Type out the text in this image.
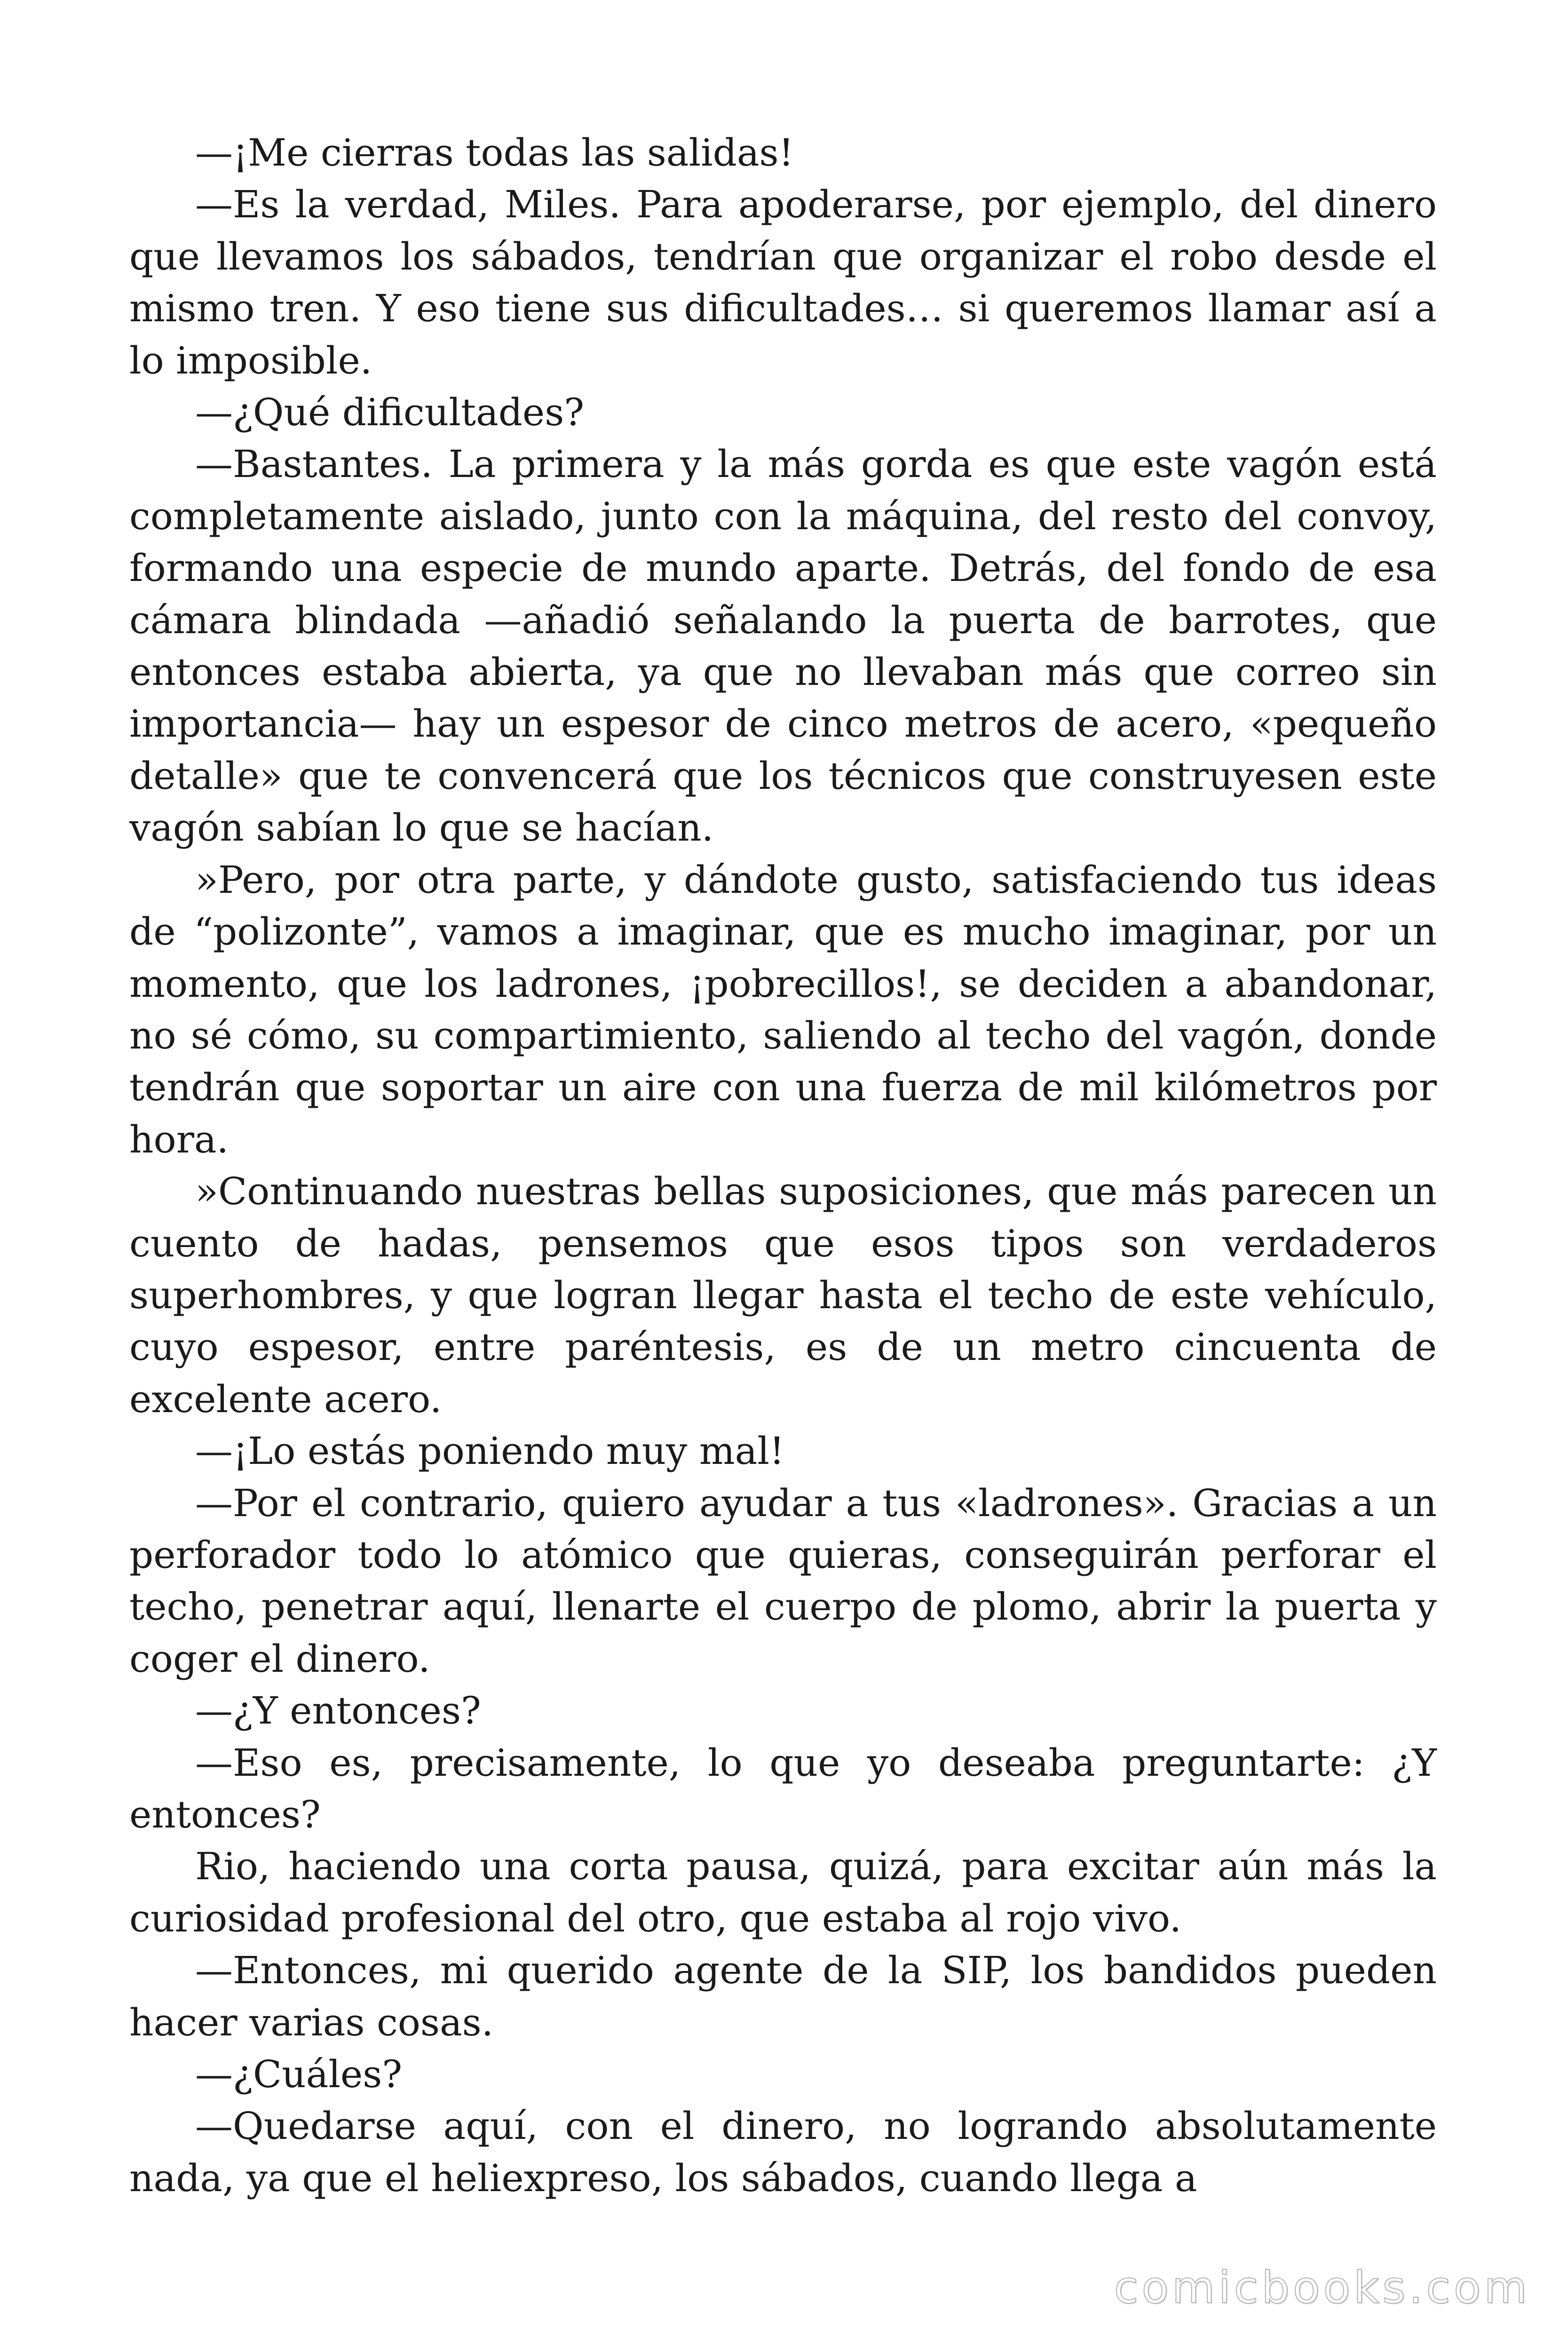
—¡Me cierras todas las salidas!

—Es la verdad, Miles. Para apoderarse, por ejemplo, del dinero que llevamos los sábados, tendrían que organizar el robo desde el mismo tren. Y eso tiene sus dificultades… si queremos llamar así a lo imposible.

—¿Qué dificultades?

—Bastantes. La primera y la más gorda es que este vagón está completamente aislado, junto con la máquina, del resto del convoy, formando una especie de mundo aparte. Detrás, del fondo de esa cámara blindada —añadió señalando la puerta de barrotes, que entonces estaba abierta, ya que no llevaban más que correo sin importancia— hay un espesor de cinco metros de acero, «pequeño detalle» que te convencerá que los técnicos que construyesen este vagón sabían lo que se hacían.

»Pero, por otra parte, y dándote gusto, satisfaciendo tus ideas de “polizonte”, vamos a imaginar, que es mucho imaginar, por un momento, que los ladrones, ¡pobrecillos!, se deciden a abandonar, no sé cómo, su compartimiento, saliendo al techo del vagón, donde tendrán que soportar un aire con una fuerza de mil kilómetros por hora.

»Continuando nuestras bellas suposiciones, que más parecen un cuento de hadas, pensemos que esos tipos son verdaderos superhombres, y que logran llegar hasta el techo de este vehículo, cuyo espesor, entre paréntesis, es de un metro cincuenta de excelente acero.

—¡Lo estás poniendo muy mal!

—Por el contrario, quiero ayudar a tus «ladrones». Gracias a un perforador todo lo atómico que quieras, conseguirán perforar el techo, penetrar aquí, llenarte el cuerpo de plomo, abrir la puerta y coger el dinero.

—¿Y entonces?

—Eso es, precisamente, lo que yo deseaba preguntarte: ¿Y entonces?

Rio, haciendo una corta pausa, quizá, para excitar aún más la curiosidad profesional del otro, que estaba al rojo vivo.

—Entonces, mi querido agente de la SIP, los bandidos pueden hacer varias cosas.

—¿Cuáles?

—Quedarse aquí, con el dinero, no logrando absolutamente nada, ya que el heliexpreso, los sábados, cuando llega a

comicbooks.com
